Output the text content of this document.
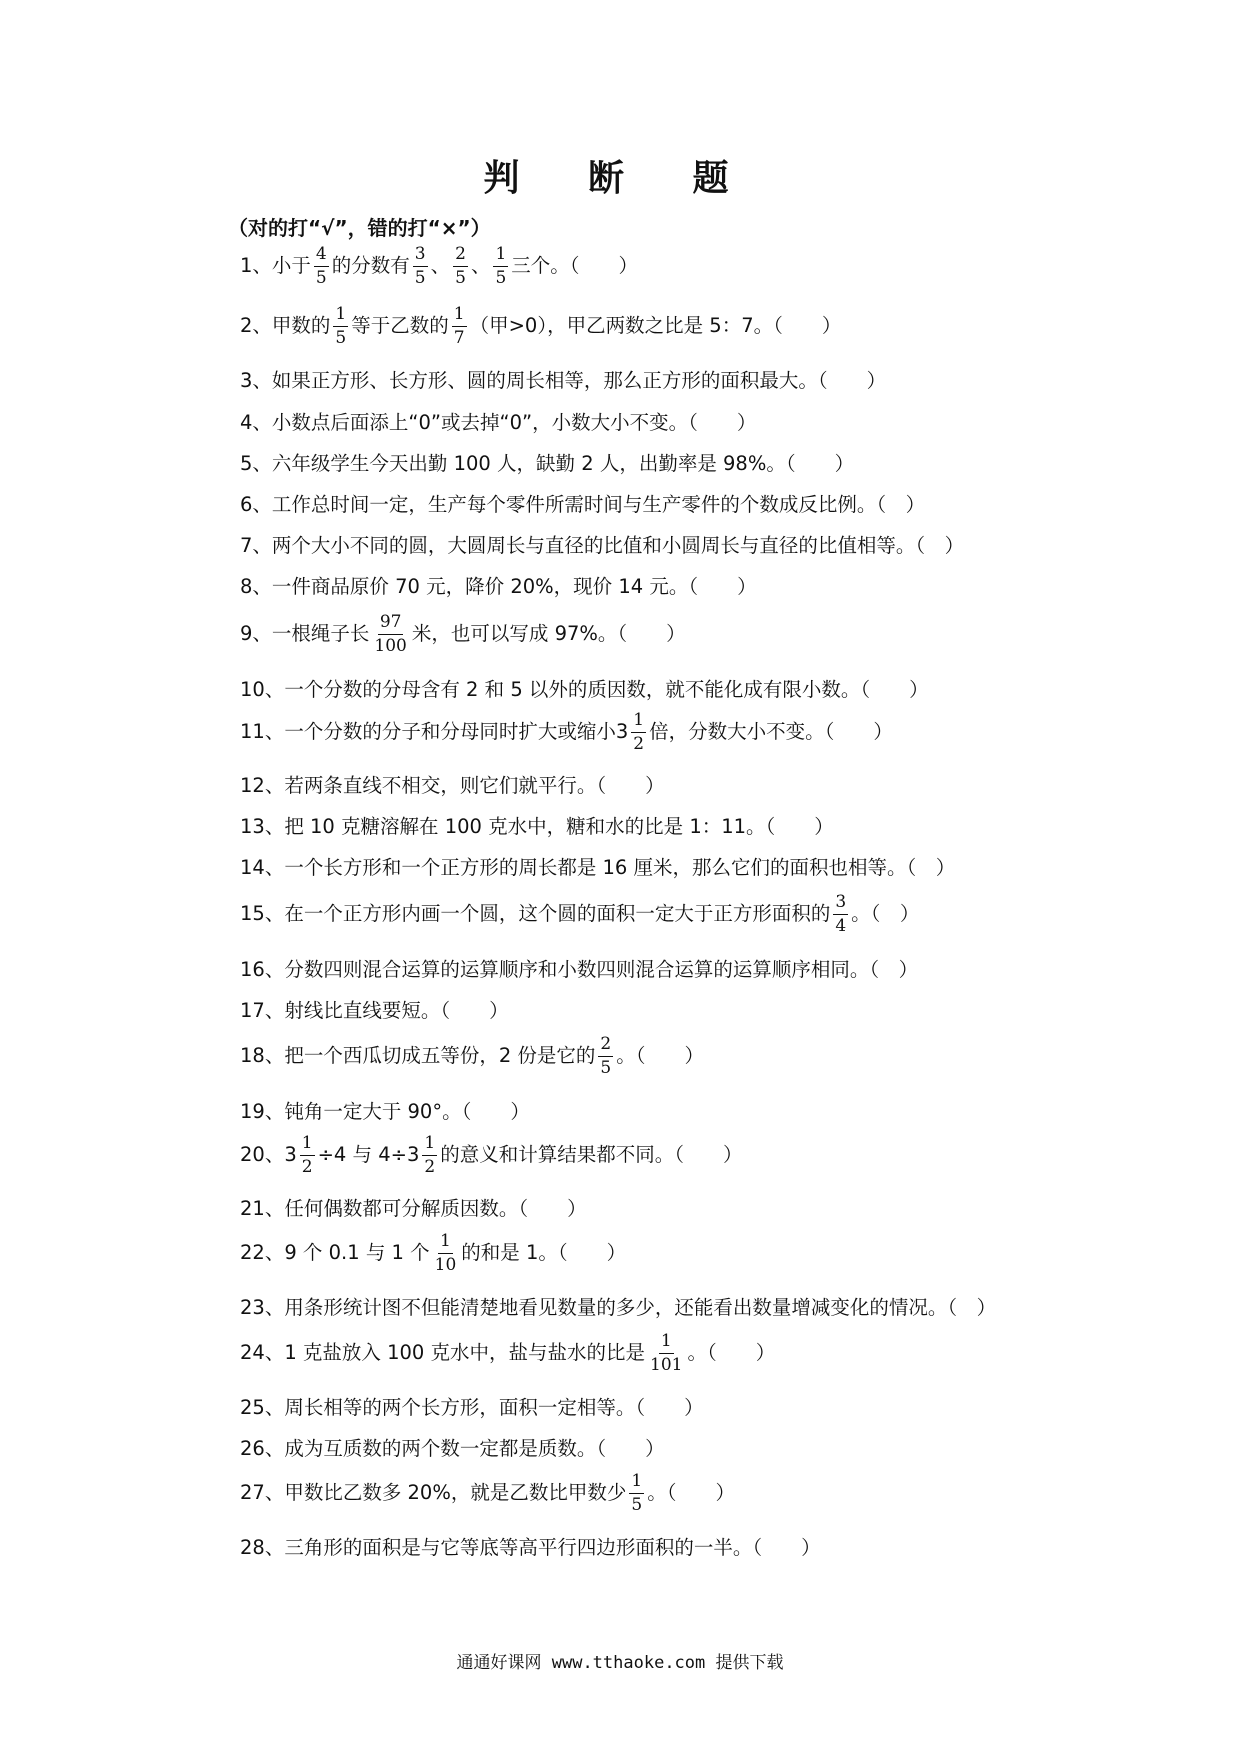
判 断 题
（对的打“√”，错的打“×”）
1、小于 $\frac{4}{5}$ 的分数有 $\frac{3}{5}$ 、 $\frac{2}{5}$ 、 $\frac{1}{5}$ 三个。（　　）
2、甲数的 $\frac{1}{5}$ 等于乙数的 $\frac{1}{7}$ （甲>0），甲乙两数之比是 5：7。（　　）
3、如果正方形、长方形、圆的周长相等，那么正方形的面积最大。（　　）
4、小数点后面添上“0”或去掉“0”，小数大小不变。（　　）
5、六年级学生今天出勤 100 人，缺勤 2 人，出勤率是 98%。（　　）
6、工作总时间一定，生产每个零件所需时间与生产零件的个数成反比例。（　）
7、两个大小不同的圆，大圆周长与直径的比值和小圆周长与直径的比值相等。（　）
8、一件商品原价 70 元，降价 20%，现价 14 元。（　　）
9、一根绳子长 $\frac{97}{100}$ 米，也可以写成 97%。（　　）
10、一个分数的分母含有 2 和 5 以外的质因数，就不能化成有限小数。（　　）
11、一个分数的分子和分母同时扩大或缩小$3 \frac{1}{2}$ 倍，分数大小不变。（　　）
12、若两条直线不相交，则它们就平行。（　　）
13、把 10 克糖溶解在 100 克水中，糖和水的比是 1：11。（　　）
14、一个长方形和一个正方形的周长都是 16 厘米，那么它们的面积也相等。（　）
15、在一个正方形内画一个圆，这个圆的面积一定大于正方形面积的 $\frac{3}{4}$ 。（　）
16、分数四则混合运算的运算顺序和小数四则混合运算的运算顺序相同。（　）
17、射线比直线要短。（　　）
18、把一个西瓜切成五等份，2 份是它的 $\frac{2}{5}$ 。（　　）
19、钝角一定大于 90°。（　　）
20、$3 \frac{1}{2} \div 4$ 与 $4\div 3 \frac{1}{2}$ 的意义和计算结果都不同。（　　）
21、任何偶数都可分解质因数。（　　）
22、9 个 0.1 与 1 个 $\frac{1}{10}$ 的和是 1。（　　）
23、用条形统计图不但能清楚地看见数量的多少，还能看出数量增减变化的情况。（　）
24、1 克盐放入 100 克水中，盐与盐水的比是 $\frac{1}{101}$ 。（　　）
25、周长相等的两个长方形，面积一定相等。（　　）
26、成为互质数的两个数一定都是质数。（　　）
27、甲数比乙数多 20%，就是乙数比甲数少 $\frac{1}{5}$ 。（　　）
28、三角形的面积是与它等底等高平行四边形面积的一半。（　　）
通通好课网 www.tthaoke.com 提供下载
